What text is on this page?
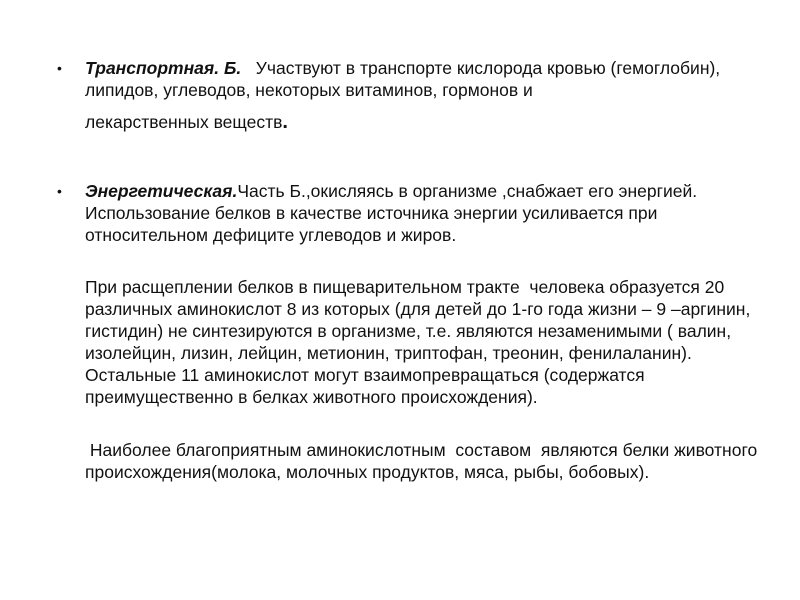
• Транспортная. Б.   Участвуют в транспорте кислорода кровью (гемоглобин), липидов, углеводов, некоторых витаминов, гормонов и
лекарственных веществ.
• Энергетическая.Часть Б.,окисляясь в организме ,снабжает его энергией. Использование белков в качестве источника энергии усиливается при относительном дефиците углеводов и жиров.
При расщеплении белков в пищеварительном тракте  человека образуется 20 различных аминокислот 8 из которых (для детей до 1-го года жизни – 9 –аргинин, гистидин) не синтезируются в организме, т.е. являются незаменимыми ( валин, изолейцин, лизин, лейцин, метионин, триптофан, треонин, фенилаланин).  Остальные 11 аминокислот могут взаимопревращаться (содержатся преимущественно в белках животного происхождения).
Наиболее благоприятным аминокислотным  составом  являются белки животного происхождения(молока, молочных продуктов, мяса, рыбы, бобовых).
